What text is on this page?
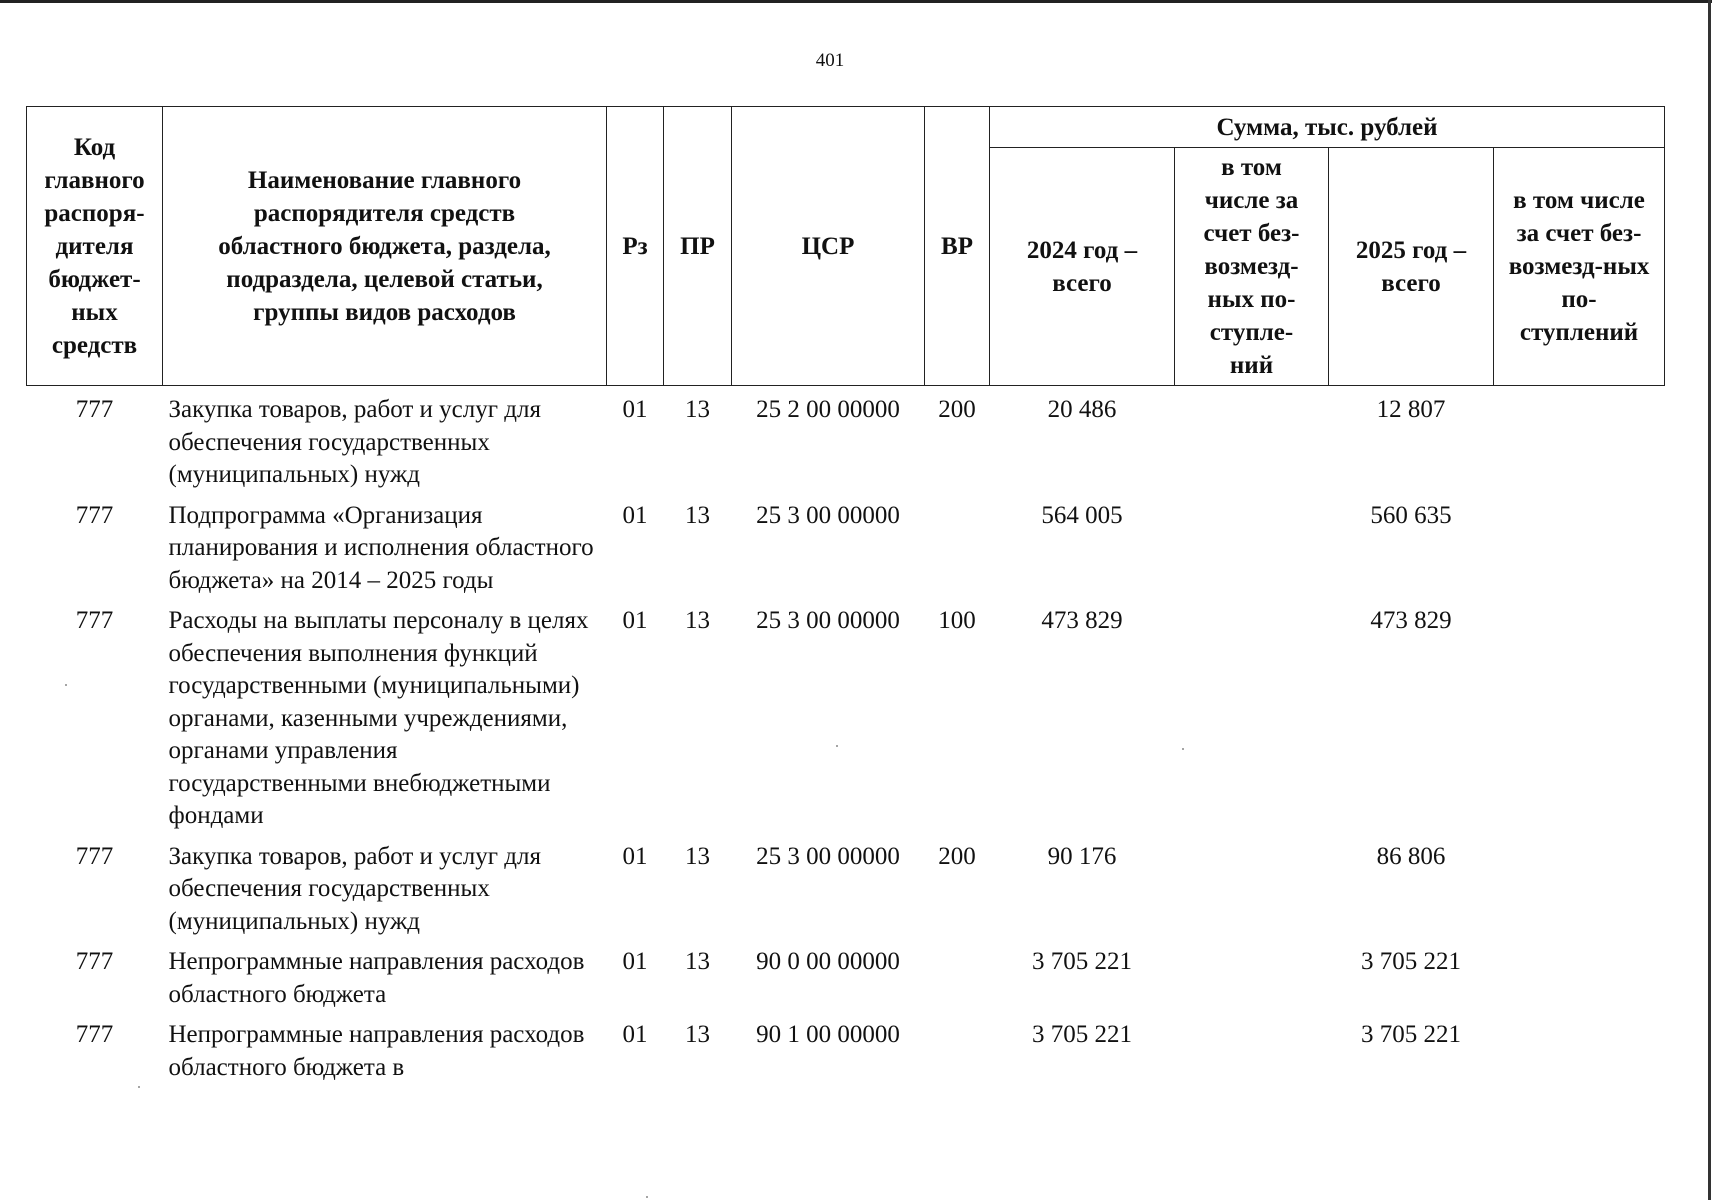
401
Код главного распоря-дителя бюджет-ных средств	Наименование главного распорядителя средств областного бюджета, раздела, подраздела, целевой статьи, группы видов расходов	Рз	ПР	ЦСР	ВР	Сумма, тыс. рублей			
						2024 год – всего	в том числе за счет без-возмезд-ных по-ступле-ний	2025 год – всего	в том числе за счет без-возмезд-ных по-ступлений
777	Закупка товаров, работ и услуг для обеспечения государственных (муниципальных) нужд	01	13	25 2 00 00000	200	20 486		12 807	
777	Подпрограмма «Организация планирования и исполнения областного бюджета» на 2014 – 2025 годы	01	13	25 3 00 00000		564 005		560 635	
777	Расходы на выплаты персоналу в целях обеспечения выполнения функций государственными (муниципальными) органами, казенными учреждениями, органами управления государственными внебюджетными фондами	01	13	25 3 00 00000	100	473 829		473 829	
777	Закупка товаров, работ и услуг для обеспечения государственных (муниципальных) нужд	01	13	25 3 00 00000	200	90 176		86 806	
777	Непрограммные направления расходов областного бюджета	01	13	90 0 00 00000		3 705 221		3 705 221	
777	Непрограммные направления расходов областного бюджета в	01	13	90 1 00 00000		3 705 221		3 705 221	
